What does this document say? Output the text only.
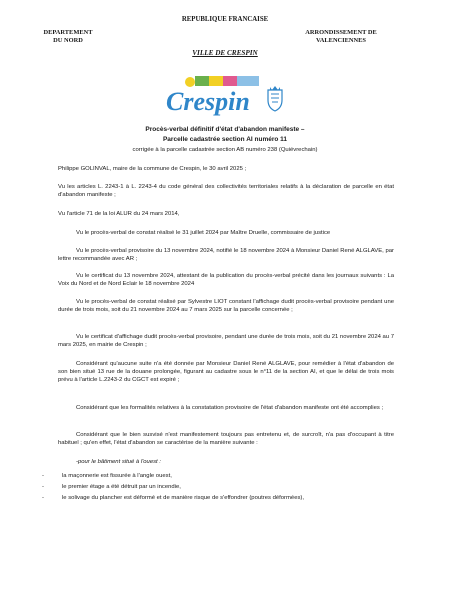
REPUBLIQUE FRANCAISE
DEPARTEMENT
DU NORD
ARRONDISSEMENT DE
VALENCIENNES
VILLE DE CRESPIN
Crespin
Procès-verbal définitif d'état d'abandon manifeste –
Parcelle cadastrée section AI numéro 11
corrigée à la parcelle cadastrée section AB numéro 238 (Quiévrechain)
Philippe GOLINVAL, maire de la commune de Crespin, le 30 avril 2025 ;
Vu les articles L. 2243-1 à L. 2243-4 du code général des collectivités territoriales relatifs à la déclaration de parcelle en état d'abandon manifeste ;
Vu l'article 71 de la loi ALUR du 24 mars 2014,
Vu le procès-verbal de constat réalisé le 31 juillet 2024 par Maître Druelle, commissaire de justice
Vu le procès-verbal provisoire du 13 novembre 2024, notifié le 18 novembre 2024 à Monsieur Daniel René ALGLAVE, par lettre recommandée avec AR ;
Vu le certificat du 13 novembre 2024, attestant de la publication du procès-verbal précité dans les journaux suivants : La Voix du Nord et de Nord Eclair le 18 novembre 2024
Vu le procès-verbal de constat réalisé par Sylvestre LIOT constant l'affichage dudit procès-verbal provisoire pendant une durée de trois mois, soit du 21 novembre 2024 au 7 mars 2025 sur la parcelle concernée ;
Vu le certificat d'affichage dudit procès-verbal provisoire, pendant une durée de trois mois, soit du 21 novembre 2024 au 7 mars 2025, en mairie de Crespin ;
Considérant qu'aucune suite n'a été donnée par Monsieur Daniel René ALGLAVE, pour remédier à l'état d'abandon de son bien situé 13 rue de la douane prolongée, figurant au cadastre sous le n°11 de la section AI, et que le délai de trois mois prévu à l'article L.2243-2 du CGCT est expiré ;
Considérant que les formalités relatives à la constatation provisoire de l'état d'abandon manifeste ont été accomplies ;
Considérant que le bien susvisé n'est manifestement toujours pas entretenu et, de surcroît, n'a pas d'occupant à titre habituel ; qu'en effet, l'état d'abandon se caractérise de la manière suivante :
-pour le bâtiment situé à l'ouest :
-	la maçonnerie est fissurée à l'angle ouest,
-	le premier étage a été détruit par un incendie,
-	le solivage du plancher est déformé et de manière risque de s'effondrer (poutres déformées),
